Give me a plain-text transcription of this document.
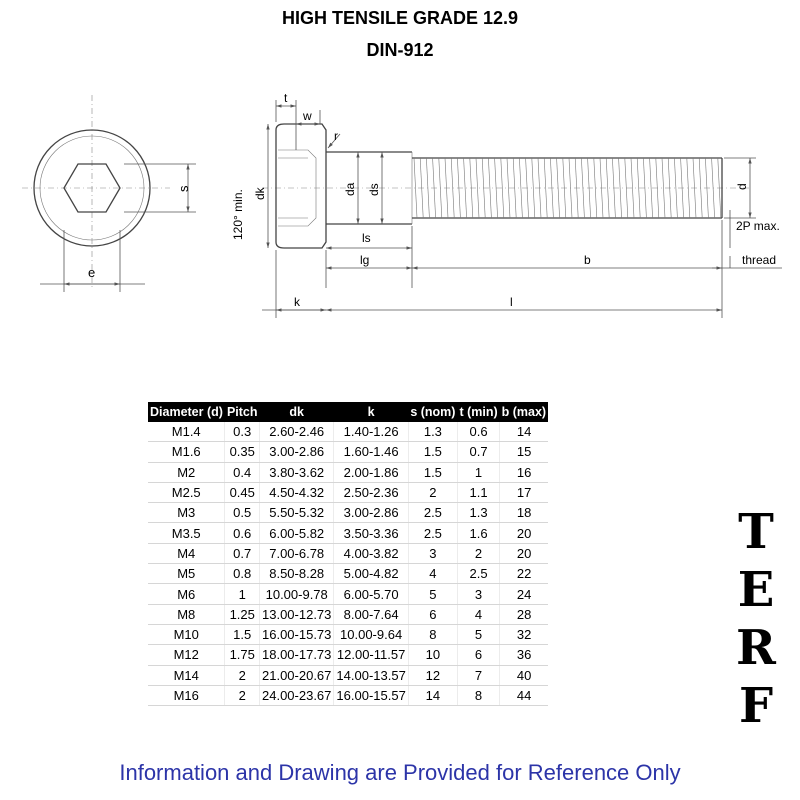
HIGH TENSILE GRADE 12.9
DIN-912
s
e
t
w
r
120° min. dk	da ds
ls
lg	b
k	l
d
2P max.
thread
Diameter (d)	Pitch	dk	k	s (nom)	t (min)	b (max)
M1.4	0.3	2.60-2.46	1.40-1.26	1.3	0.6	14
M1.6	0.35	3.00-2.86	1.60-1.46	1.5	0.7	15
M2	0.4	3.80-3.62	2.00-1.86	1.5	1	16
M2.5	0.45	4.50-4.32	2.50-2.36	2	1.1	17
M3	0.5	5.50-5.32	3.00-2.86	2.5	1.3	18
M3.5	0.6	6.00-5.82	3.50-3.36	2.5	1.6	20
M4	0.7	7.00-6.78	4.00-3.82	3	2	20
M5	0.8	8.50-8.28	5.00-4.82	4	2.5	22
M6	1	10.00-9.78	6.00-5.70	5	3	24
M8	1.25	13.00-12.73	8.00-7.64	6	4	28
M10	1.5	16.00-15.73	10.00-9.64	8	5	32
M12	1.75	18.00-17.73	12.00-11.57	10	6	36
M14	2	21.00-20.67	14.00-13.57	12	7	40
M16	2	24.00-23.67	16.00-15.57	14	8	44
T
E
R
F
Information and Drawing are Provided for Reference Only
